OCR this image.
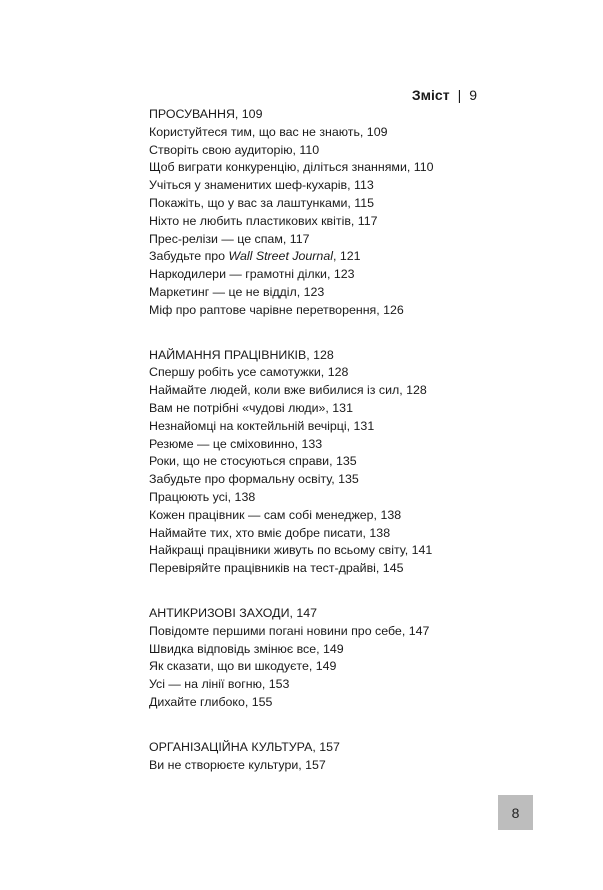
Зміст | 9
ПРОСУВАННЯ, 109
Користуйтеся тим, що вас не знають, 109
Створіть свою аудиторію, 110
Щоб виграти конкуренцію, діліться знаннями, 110
Учіться у знаменитих шеф-кухарів, 113
Покажіть, що у вас за лаштунками, 115
Ніхто не любить пластикових квітів, 117
Прес-релізи — це спам, 117
Забудьте про Wall Street Journal, 121
Наркодилери — грамотні ділки, 123
Маркетинг — це не відділ, 123
Міф про раптове чарівне перетворення, 126
НАЙМАННЯ ПРАЦІВНИКІВ, 128
Спершу робіть усе самотужки, 128
Наймайте людей, коли вже вибилися із сил, 128
Вам не потрібні «чудові люди», 131
Незнайомці на коктейльній вечірці, 131
Резюме — це сміховинно, 133
Роки, що не стосуються справи, 135
Забудьте про формальну освіту, 135
Працюють усі, 138
Кожен працівник — сам собі менеджер, 138
Наймайте тих, хто вміє добре писати, 138
Найкращі працівники живуть по всьому світу, 141
Перевіряйте працівників на тест-драйві, 145
АНТИКРИЗОВІ ЗАХОДИ, 147
Повідомте першими погані новини про себе, 147
Швидка відповідь змінює все, 149
Як сказати, що ви шкодуєте, 149
Усі — на лінії вогню, 153
Дихайте глибоко, 155
ОРГАНІЗАЦІЙНА КУЛЬТУРА, 157
Ви не створюєте культури, 157
8
